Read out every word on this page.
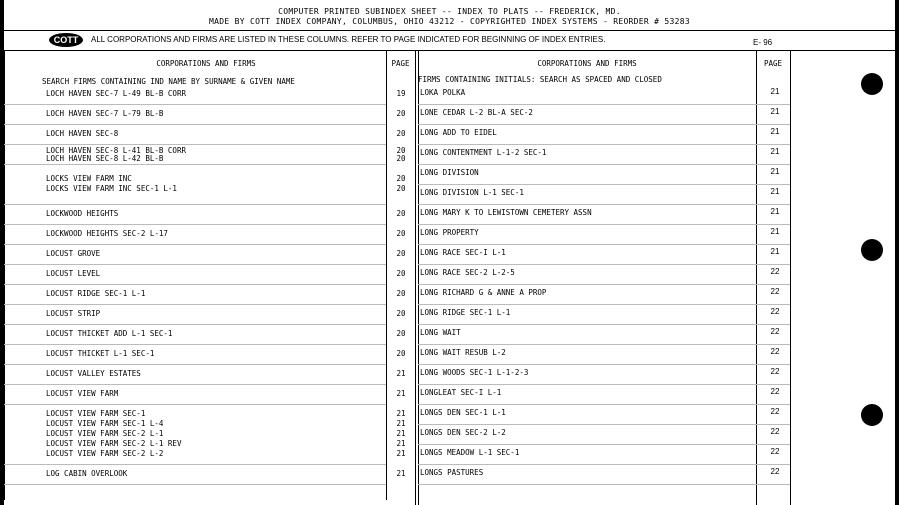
COMPUTER PRINTED SUBINDEX SHEET -- INDEX TO PLATS -- FREDERICK, MD.
MADE BY COTT INDEX COMPANY, COLUMBUS, OHIO 43212 - COPYRIGHTED INDEX SYSTEMS - REORDER # 53283
COTT	ALL CORPORATIONS AND FIRMS ARE LISTED IN THESE COLUMNS. REFER TO PAGE INDICATED FOR BEGINNING OF INDEX ENTRIES.	E- 96
CORPORATIONS AND FIRMS	PAGE	CORPORATIONS AND FIRMS	PAGE
SEARCH FIRMS CONTAINING IND NAME BY SURNAME & GIVEN NAME	FIRMS CONTAINING INITIALS: SEARCH AS SPACED AND CLOSED
LOCH HAVEN SEC-7 L-49 BL-B CORR	19
LOCH HAVEN SEC-7 L-79 BL-B	20
LOCH HAVEN SEC-8	20
LOCH HAVEN SEC-8 L-41 BL-B CORR	20
LOCH HAVEN SEC-8 L-42 BL-B	20
LOCKS VIEW FARM INC	20
LOCKS VIEW FARM INC SEC-1 L-1	20
LOCKWOOD HEIGHTS	20
LOCKWOOD HEIGHTS SEC-2 L-17	20
LOCUST GROVE	20
LOCUST LEVEL	20
LOCUST RIDGE SEC-1 L-1	20
LOCUST STRIP	20
LOCUST THICKET ADD L-1 SEC-1	20
LOCUST THICKET L-1 SEC-1	20
LOCUST VALLEY ESTATES	21
LOCUST VIEW FARM	21
LOCUST VIEW FARM SEC-1	21
LOCUST VIEW FARM SEC-1 L-4	21
LOCUST VIEW FARM SEC-2 L-1	21
LOCUST VIEW FARM SEC-2 L-1 REV	21
LOCUST VIEW FARM SEC-2 L-2	21
LOG CABIN OVERLOOK	21
LOKA POLKA	21
LONE CEDAR L-2 BL-A SEC-2	21
LONG ADD TO EIDEL	21
LONG CONTENTMENT L-1-2 SEC-1	21
LONG DIVISION	21
LONG DIVISION L-1 SEC-1	21
LONG MARY K TO LEWISTOWN CEMETERY ASSN	21
LONG PROPERTY	21
LONG RACE SEC-I L-1	21
LONG RACE SEC-2 L-2-5	22
LONG RICHARD G & ANNE A PROP	22
LONG RIDGE SEC-1 L-1	22
LONG WAIT	22
LONG WAIT RESUB L-2	22
LONG WOODS SEC-1 L-1-2-3	22
LONGLEAT SEC-I L-1	22
LONGS DEN SEC-1 L-1	22
LONGS DEN SEC-2 L-2	22
LONGS MEADOW L-1 SEC-1	22
LONGS PASTURES	22
